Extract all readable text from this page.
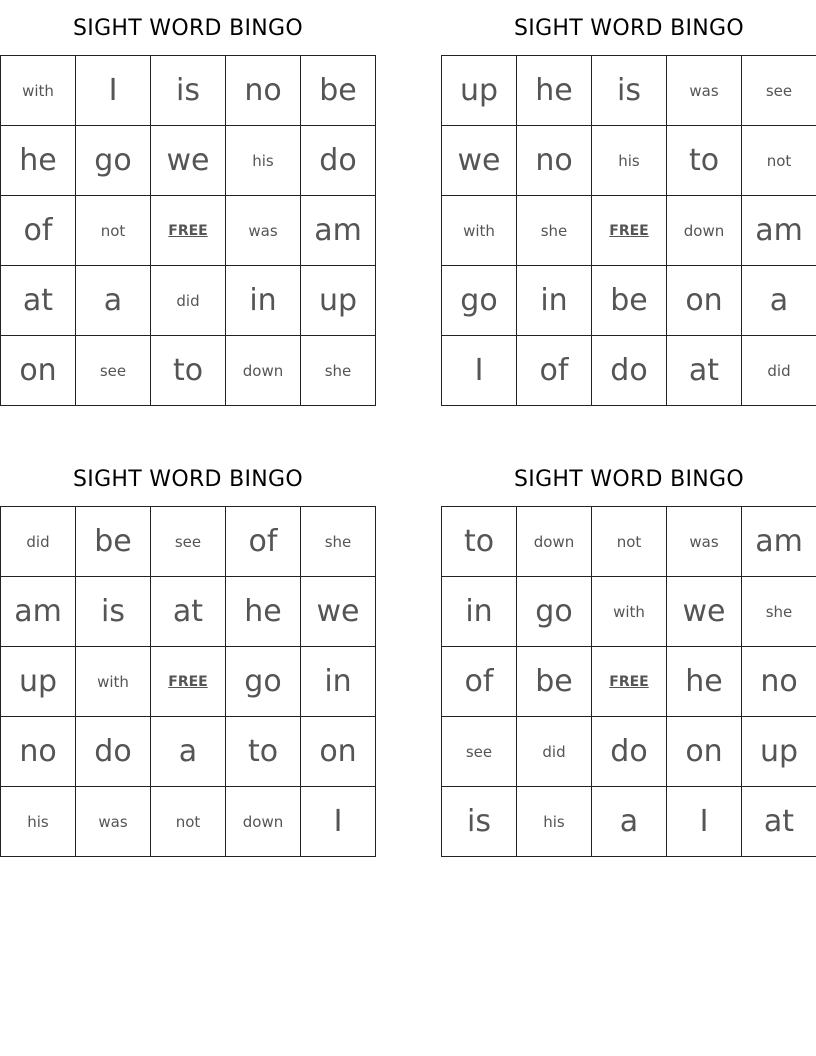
SIGHT WORD BINGO
with	I	is	no	be
he	go	we	his	do
of	not	FREE	was	am
at	a	did	in	up
on	see	to	down	she
SIGHT WORD BINGO
up	he	is	was	see
we	no	his	to	not
with	she	FREE	down	am
go	in	be	on	a
I	of	do	at	did
SIGHT WORD BINGO
did	be	see	of	she
am	is	at	he	we
up	with	FREE	go	in
no	do	a	to	on
his	was	not	down	I
SIGHT WORD BINGO
to	down	not	was	am
in	go	with	we	she
of	be	FREE	he	no
see	did	do	on	up
is	his	a	I	at
